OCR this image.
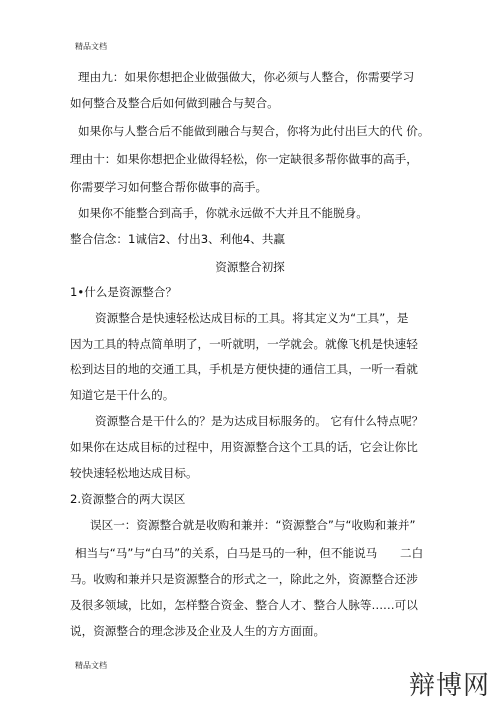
精品文档
理由九：如果你想把企业做强做大，你必须与人整合，你需要学习
如何整合及整合后如何做到融合与契合。
如果你与人整合后不能做到融合与契合，你将为此付出巨大的代 价。
理由十：如果你想把企业做得轻松，你一定缺很多帮你做事的高手，
你需要学习如何整合帮你做事的高手。
如果你不能整合到高手，你就永远做不大并且不能脱身。
整合信念：1诚信2、付出3、利他4、共赢
资源整合初探
1•什么是资源整合？
资源整合是快速轻松达成目标的工具。将其定义为“工具”，是
因为工具的特点简单明了，一听就明，一学就会。就像飞机是快速轻
松到达目的地的交通工具，手机是方便快捷的通信工具，一听一看就
知道它是干什么的。
资源整合是干什么的？是为达成目标服务的。 它有什么特点呢？
如果你在达成目标的过程中，用资源整合这个工具的话，它会让你比
较快速轻松地达成目标。
2.资源整合的两大误区
误区一：资源整合就是收购和兼并：“资源整合”与“收购和兼并”
相当与“马”与“白马”的关系，白马是马的一种，但不能说马 二白
马。收购和兼并只是资源整合的形式之一，除此之外，资源整合还涉
及很多领域，比如，怎样整合资金、整合人才、整合人脉等……可以
说，资源整合的理念涉及企业及人生的方方面面。
精品文档
辩博网
